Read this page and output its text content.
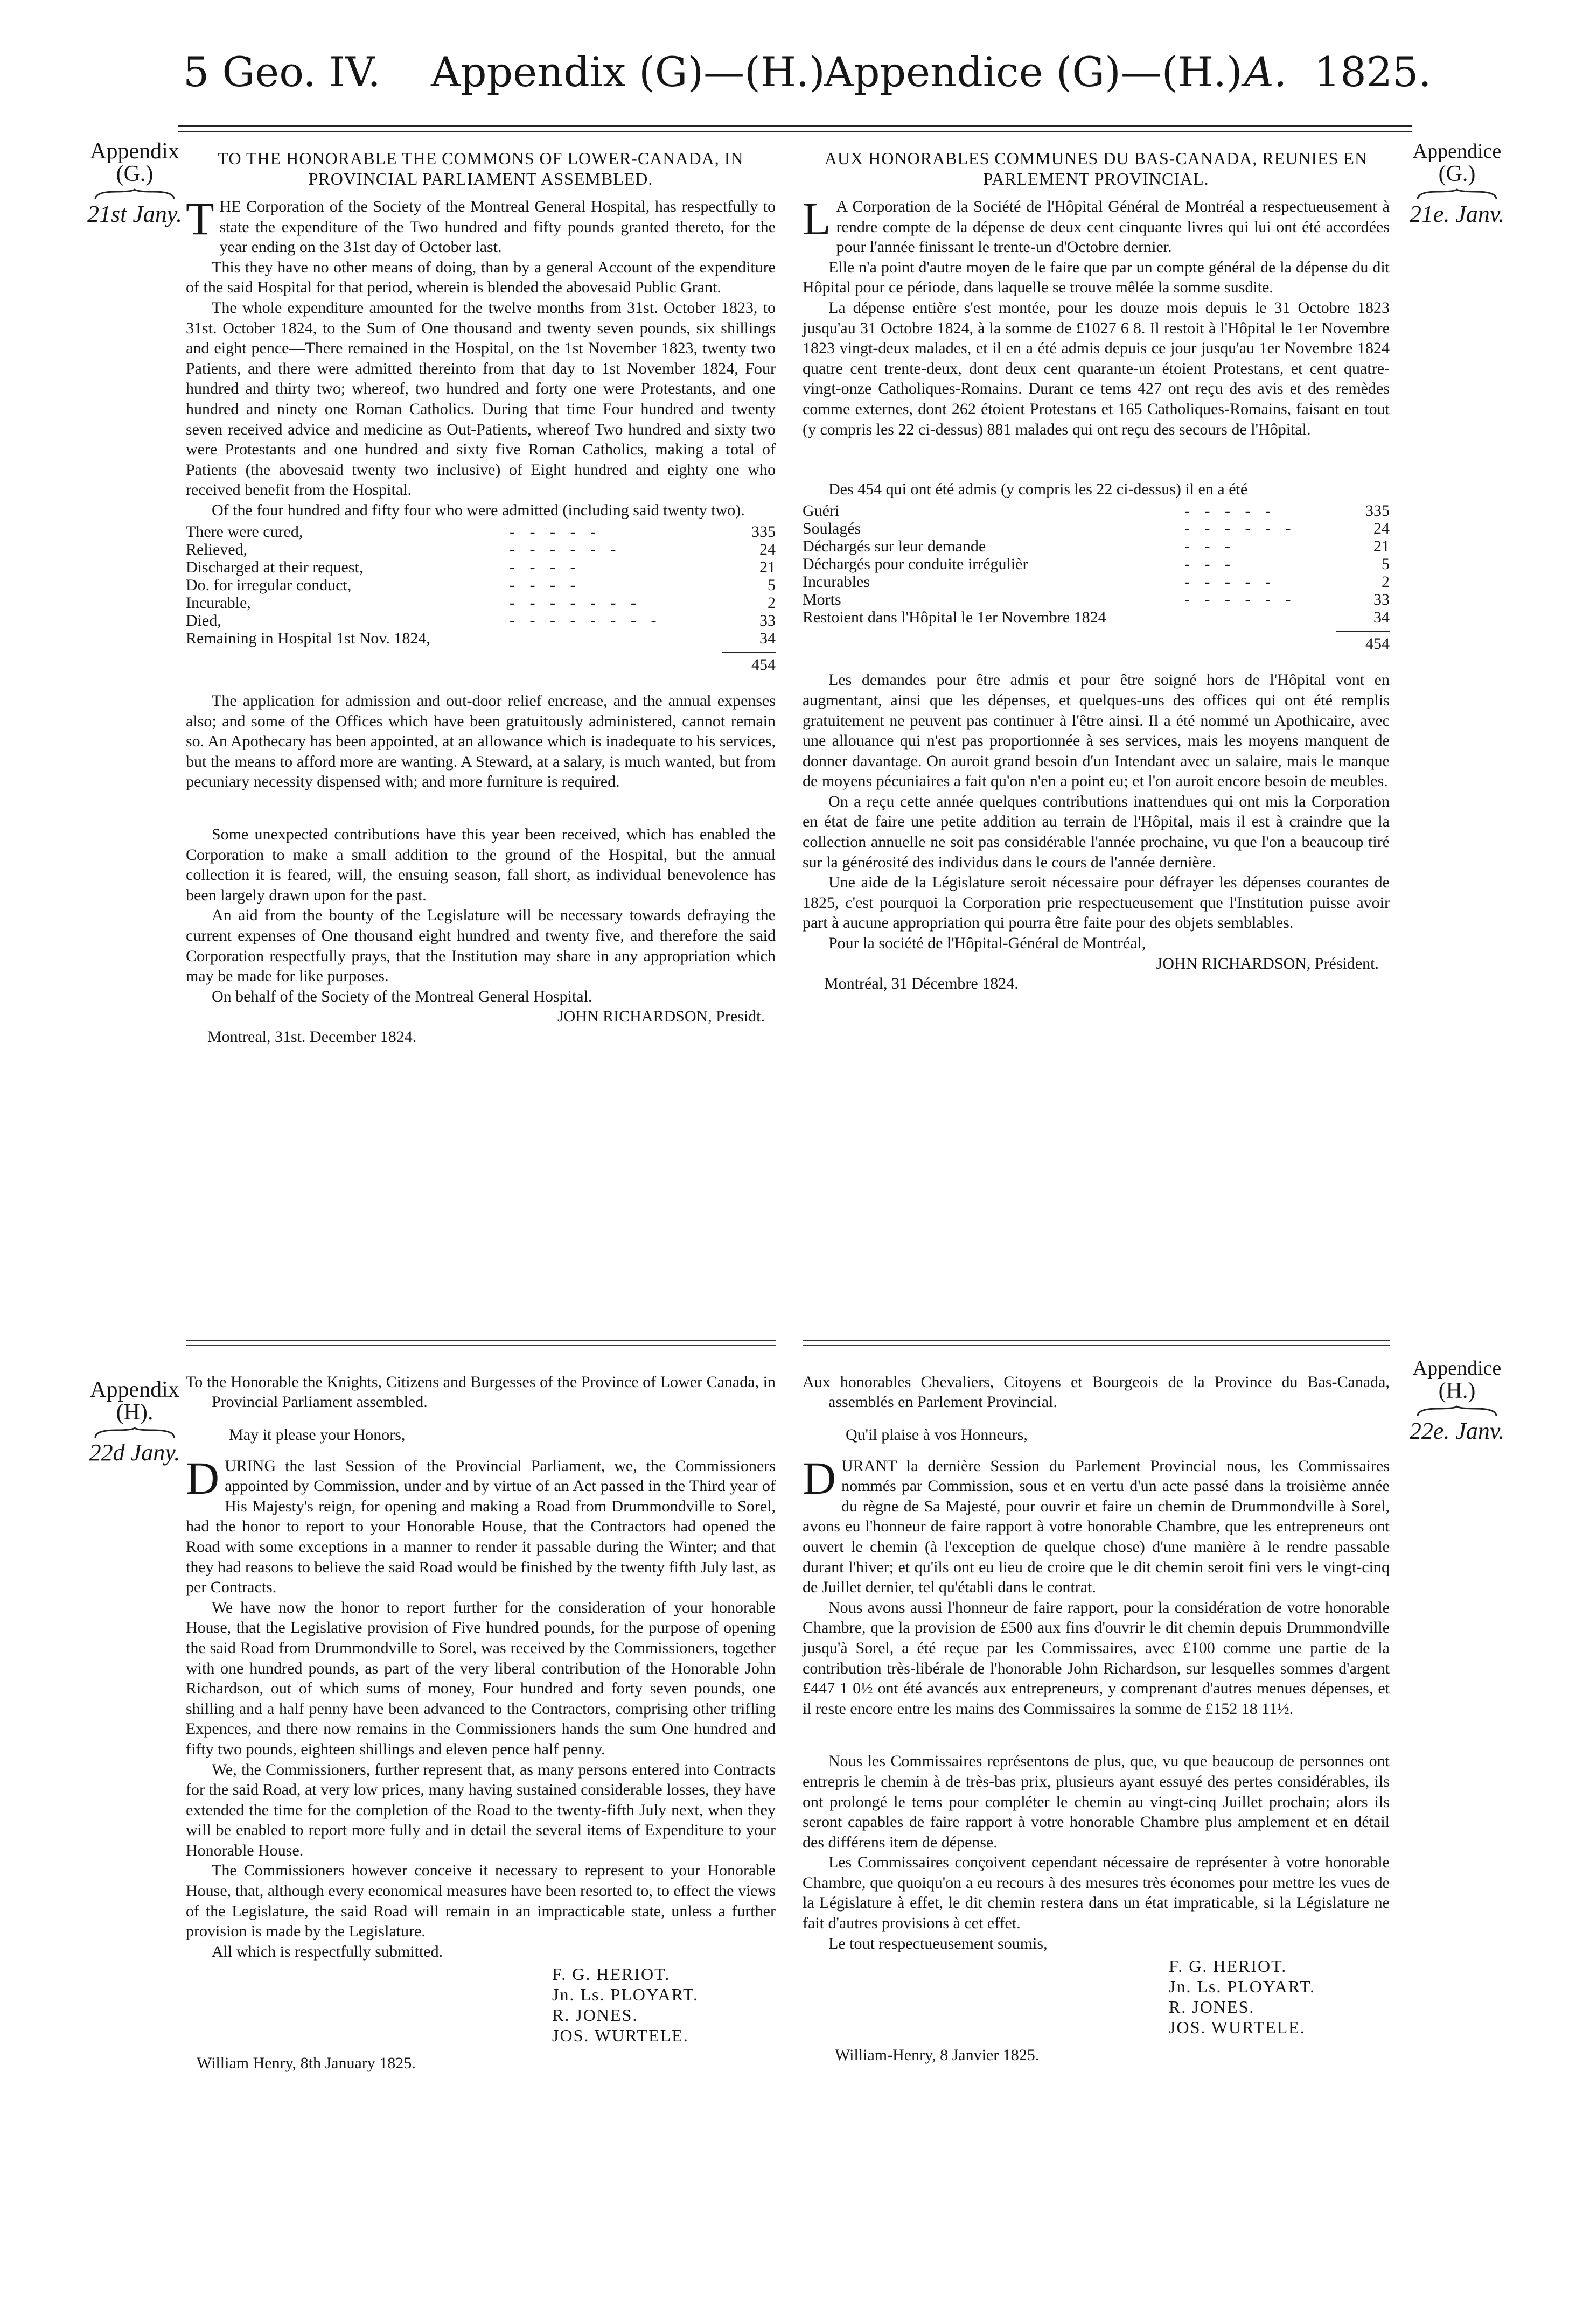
5 Geo. IV. Appendix (G)—(H.)
Appendice (G)—(H.) A. 1825.
Appendix
(G.)
21st Jany.
Appendice
(G.)
21e. Janv.
TO THE HONORABLE THE COMMONS OF LOWER-CANADA, IN PROVINCIAL PARLIAMENT ASSEMBLED.
T HE Corporation of the Society of the Montreal General Hospital, has respectfully to state the expenditure of the Two hundred and fifty pounds granted thereto, for the year ending on the 31st day of October last.

This they have no other means of doing, than by a general Account of the expenditure of the said Hospital for that period, wherein is blended the abovesaid Public Grant.

The whole expenditure amounted for the twelve months from 31st. October 1823, to 31st. October 1824, to the Sum of One thousand and twenty seven pounds, six shillings and eight pence—There remained in the Hospital, on the 1st November 1823, twenty two Patients, and there were admitted thereinto from that day to 1st November 1824, Four hundred and thirty two; whereof, two hundred and forty one were Protestants, and one hundred and ninety one Roman Catholics. During that time Four hundred and twenty seven received advice and medicine as Out-Patients, whereof Two hundred and sixty two were Protestants and one hundred and sixty five Roman Catholics, making a total of Patients (the abovesaid twenty two inclusive) of Eight hundred and eighty one who received benefit from the Hospital.

Of the four hundred and fifty four who were admitted (including said twenty two).

There were cured,	- - - - -	335
Relieved,	- - - - - -	24
Discharged at their request,	- - - -	21
Do. for irregular conduct,	- - - -	5
Incurable,	- - - - - - -	2
Died,	- - - - - - - -	33
Remaining in Hospital 1st Nov. 1824,		34
454

The application for admission and out-door relief encrease, and the annual expenses also; and some of the Offices which have been gratuitously administered, cannot remain so. An Apothecary has been appointed, at an allowance which is inadequate to his services, but the means to afford more are wanting. A Steward, at a salary, is much wanted, but from pecuniary necessity dispensed with; and more furniture is required.

Some unexpected contributions have this year been received, which has enabled the Corporation to make a small addition to the ground of the Hospital, but the annual collection it is feared, will, the ensuing season, fall short, as individual benevolence has been largely drawn upon for the past.

An aid from the bounty of the Legislature will be necessary towards defraying the current expenses of One thousand eight hundred and twenty five, and therefore the said Corporation respectfully prays, that the Institution may share in any appropriation which may be made for like purposes.

On behalf of the Society of the Montreal General Hospital.

JOHN RICHARDSON, Presidt.
Montreal, 31st. December 1824.
AUX HONORABLES COMMUNES DU BAS-CANADA, REUNIES EN PARLEMENT PROVINCIAL.
L A Corporation de la Société de l'Hôpital Général de Montréal a respectueusement à rendre compte de la dépense de deux cent cinquante livres qui lui ont été accordées pour l'année finissant le trente-un d'Octobre dernier.

Elle n'a point d'autre moyen de le faire que par un compte général de la dépense du dit Hôpital pour ce période, dans laquelle se trouve mêlée la somme susdite.

La dépense entière s'est montée, pour les douze mois depuis le 31 Octobre 1823 jusqu'au 31 Octobre 1824, à la somme de £1027 6 8. Il restoit à l'Hôpital le 1er Novembre 1823 vingt-deux malades, et il en a été admis depuis ce jour jusqu'au 1er Novembre 1824 quatre cent trente-deux, dont deux cent quarante-un étoient Protestans, et cent quatre-vingt-onze Catholiques-Romains. Durant ce tems 427 ont reçu des avis et des remèdes comme externes, dont 262 étoient Protestans et 165 Catholiques-Romains, faisant en tout (y compris les 22 ci-dessus) 881 malades qui ont reçu des secours de l'Hôpital.

Des 454 qui ont été admis (y compris les 22 ci-dessus) il en a été

Guéri	- - - - -	335
Soulagés	- - - - - -	24
Déchargés sur leur demande	- - -	21
Déchargés pour conduite irrégulièr	- - -	5
Incurables	- - - - -	2
Morts	- - - - - -	33
Restoient dans l'Hôpital le 1er Novembre 1824		34
454

Les demandes pour être admis et pour être soigné hors de l'Hôpital vont en augmentant, ainsi que les dépenses, et quelques-uns des offices qui ont été remplis gratuitement ne peuvent pas continuer à l'être ainsi. Il a été nommé un Apothicaire, avec une allouance qui n'est pas proportionnée à ses services, mais les moyens manquent de donner davantage. On auroit grand besoin d'un Intendant avec un salaire, mais le manque de moyens pécuniaires a fait qu'on n'en a point eu; et l'on auroit encore besoin de meubles.

On a reçu cette année quelques contributions inattendues qui ont mis la Corporation en état de faire une petite addition au terrain de l'Hôpital, mais il est à craindre que la collection annuelle ne soit pas considérable l'année prochaine, vu que l'on a beaucoup tiré sur la générosité des individus dans le cours de l'année dernière.

Une aide de la Législature seroit nécessaire pour défrayer les dépenses courantes de 1825, c'est pourquoi la Corporation prie respectueusement que l'Institution puisse avoir part à aucune appropriation qui pourra être faite pour des objets semblables.

Pour la société de l'Hôpital-Général de Montréal,

JOHN RICHARDSON, Président.
Montréal, 31 Décembre 1824.
Appendix
(H).
22d Jany.
Appendice
(H.)
22e. Janv.
To the Honorable the Knights, Citizens and Burgesses of the Province of Lower Canada, in Provincial Parliament assembled.
May it please your Honors,
D URING the last Session of the Provincial Parliament, we, the Commissioners appointed by Commission, under and by virtue of an Act passed in the Third year of His Majesty's reign, for opening and making a Road from Drummondville to Sorel, had the honor to report to your Honorable House, that the Contractors had opened the Road with some exceptions in a manner to render it passable during the Winter; and that they had reasons to believe the said Road would be finished by the twenty fifth July last, as per Contracts.

We have now the honor to report further for the consideration of your honorable House, that the Legislative provision of Five hundred pounds, for the purpose of opening the said Road from Drummondville to Sorel, was received by the Commissioners, together with one hundred pounds, as part of the very liberal contribution of the Honorable John Richardson, out of which sums of money, Four hundred and forty seven pounds, one shilling and a half penny have been advanced to the Contractors, comprising other trifling Expences, and there now remains in the Commissioners hands the sum One hundred and fifty two pounds, eighteen shillings and eleven pence half penny.

We, the Commissioners, further represent that, as many persons entered into Contracts for the said Road, at very low prices, many having sustained considerable losses, they have extended the time for the completion of the Road to the twenty-fifth July next, when they will be enabled to report more fully and in detail the several items of Expenditure to your Honorable House.

The Commissioners however conceive it necessary to represent to your Honorable House, that, although every economical measures have been resorted to, to effect the views of the Legislature, the said Road will remain in an impracticable state, unless a further provision is made by the Legislature.

All which is respectfully submitted.

F. G. HERIOT.
Jn. Ls. PLOYART.
R. JONES.
JOS. WURTELE.
William Henry, 8th January 1825.
Aux honorables Chevaliers, Citoyens et Bourgeois de la Province du Bas-Canada, assemblés en Parlement Provincial.
Qu'il plaise à vos Honneurs,
D URANT la dernière Session du Parlement Provincial nous, les Commissaires nommés par Commission, sous et en vertu d'un acte passé dans la troisième année du règne de Sa Majesté, pour ouvrir et faire un chemin de Drummondville à Sorel, avons eu l'honneur de faire rapport à votre honorable Chambre, que les entrepreneurs ont ouvert le chemin (à l'exception de quelque chose) d'une manière à le rendre passable durant l'hiver; et qu'ils ont eu lieu de croire que le dit chemin seroit fini vers le vingt-cinq de Juillet dernier, tel qu'établi dans le contrat.

Nous avons aussi l'honneur de faire rapport, pour la considération de votre honorable Chambre, que la provision de £500 aux fins d'ouvrir le dit chemin depuis Drummondville jusqu'à Sorel, a été reçue par les Commissaires, avec £100 comme une partie de la contribution très-libérale de l'honorable John Richardson, sur lesquelles sommes d'argent £447 1 0½ ont été avancés aux entrepreneurs, y comprenant d'autres menues dépenses, et il reste encore entre les mains des Commissaires la somme de £152 18 11½.

Nous les Commissaires représentons de plus, que, vu que beaucoup de personnes ont entrepris le chemin à de très-bas prix, plusieurs ayant essuyé des pertes considérables, ils ont prolongé le tems pour compléter le chemin au vingt-cinq Juillet prochain; alors ils seront capables de faire rapport à votre honorable Chambre plus amplement et en détail des différens item de dépense.

Les Commissaires conçoivent cependant nécessaire de représenter à votre honorable Chambre, que quoiqu'on a eu recours à des mesures très économes pour mettre les vues de la Législature à effet, le dit chemin restera dans un état impraticable, si la Législature ne fait d'autres provisions à cet effet.

Le tout respectueusement soumis,

F. G. HERIOT.
Jn. Ls. PLOYART.
R. JONES.
JOS. WURTELE.
William-Henry, 8 Janvier 1825.
